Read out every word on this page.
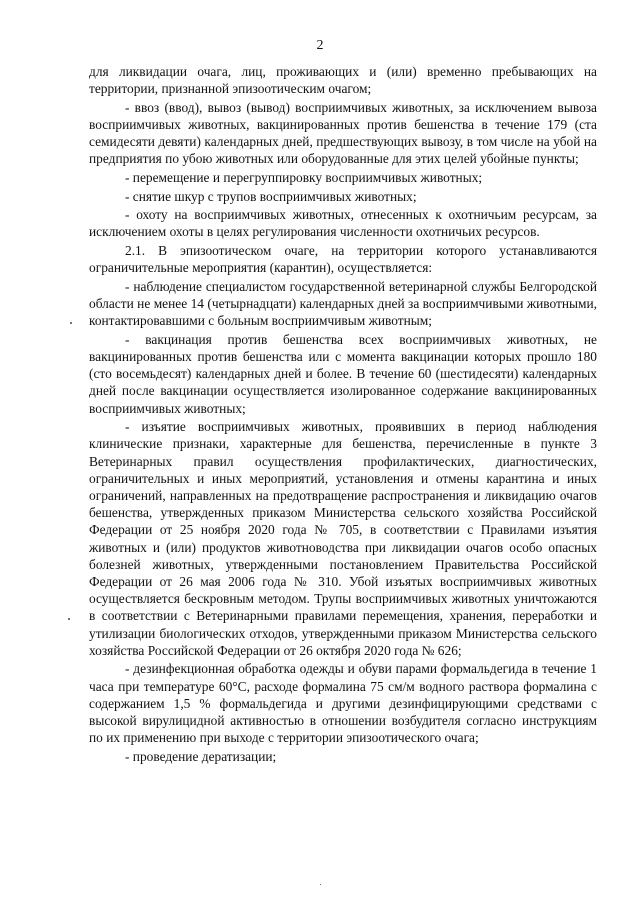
2

для ликвидации очага, лиц, проживающих и (или) временно пребывающих на территории, признанной эпизоотическим очагом;

- ввоз (ввод), вывоз (вывод) восприимчивых животных, за исключением вывоза восприимчивых животных, вакцинированных против бешенства в течение 179 (ста семидесяти девяти) календарных дней, предшествующих вывозу, в том числе на убой на предприятия по убою животных или оборудованные для этих целей убойные пункты;

- перемещение и перегруппировку восприимчивых животных;

- снятие шкур с трупов восприимчивых животных;

- охоту на восприимчивых животных, отнесенных к охотничьим ресурсам, за исключением охоты в целях регулирования численности охотничьих ресурсов.

2.1. В эпизоотическом очаге, на территории которого устанавливаются ограничительные мероприятия (карантин), осуществляется:

- наблюдение специалистом государственной ветеринарной службы Белгородской области не менее 14 (четырнадцати) календарных дней за восприимчивыми животными, контактировавшими с больным восприимчивым животным;

- вакцинация против бешенства всех восприимчивых животных, не вакцинированных против бешенства или с момента вакцинации которых прошло 180 (сто восемьдесят) календарных дней и более. В течение 60 (шестидесяти) календарных дней после вакцинации осуществляется изолированное содержание вакцинированных восприимчивых животных;

- изъятие восприимчивых животных, проявивших в период наблюдения клинические признаки, характерные для бешенства, перечисленные в пункте 3 Ветеринарных правил осуществления профилактических, диагностических, ограничительных и иных мероприятий, установления и отмены карантина и иных ограничений, направленных на предотвращение распространения и ликвидацию очагов бешенства, утвержденных приказом Министерства сельского хозяйства Российской Федерации от 25 ноября 2020 года № 705, в соответствии с Правилами изъятия животных и (или) продуктов животноводства при ликвидации очагов особо опасных болезней животных, утвержденными постановлением Правительства Российской Федерации от 26 мая 2006 года № 310. Убой изъятых восприимчивых животных осуществляется бескровным методом. Трупы восприимчивых животных уничтожаются в соответствии с Ветеринарными правилами перемещения, хранения, переработки и утилизации биологических отходов, утвержденными приказом Министерства сельского хозяйства Российской Федерации от 26 октября 2020 года № 626;

- дезинфекционная обработка одежды и обуви парами формальдегида в течение 1 часа при температуре 60°С, расходе формалина 75 см/м водного раствора формалина с содержанием 1,5 % формальдегида и другими дезинфицирующими средствами с высокой вирулицидной активностью в отношении возбудителя согласно инструкциям по их применению при выходе с территории эпизоотического очага;

- проведение дератизации;
